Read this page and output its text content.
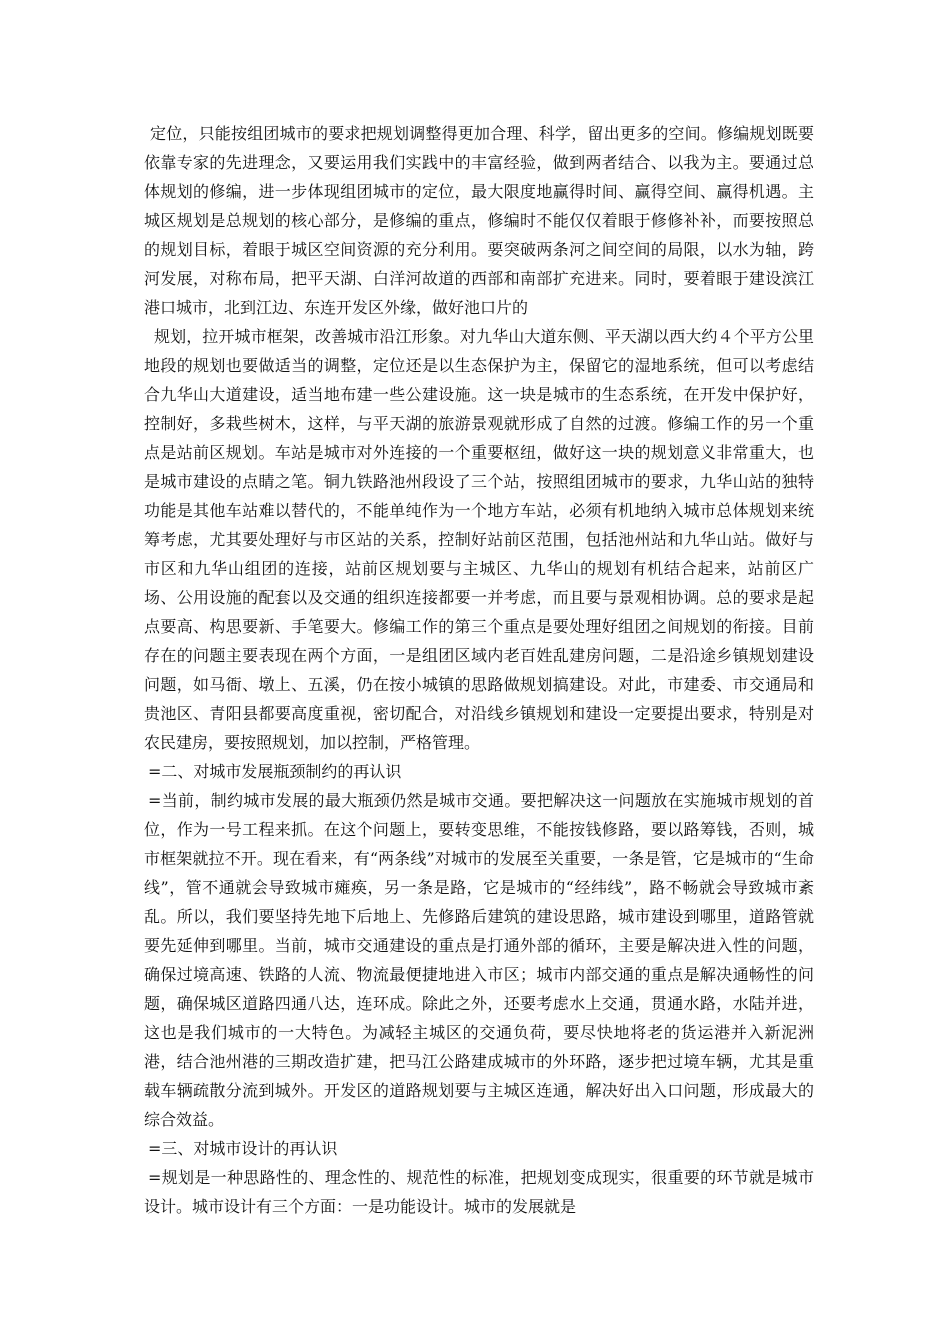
定位，只能按组团城市的要求把规划调整得更加合理、科学，留出更多的空间。修编规划既要依靠专家的先进理念，又要运用我们实践中的丰富经验，做到两者结合、以我为主。要通过总体规划的修编，进一步体现组团城市的定位，最大限度地赢得时间、赢得空间、赢得机遇。主城区规划是总规划的核心部分，是修编的重点，修编时不能仅仅着眼于修修补补，而要按照总的规划目标，着眼于城区空间资源的充分利用。要突破两条河之间空间的局限，以水为轴，跨河发展，对称布局，把平天湖、白洋河故道的西部和南部扩充进来。同时，要着眼于建设滨江港口城市，北到江边、东连开发区外缘，做好池口片的

规划，拉开城市框架，改善城市沿江形象。对九华山大道东侧、平天湖以西大约４个平方公里地段的规划也要做适当的调整，定位还是以生态保护为主，保留它的湿地系统，但可以考虑结合九华山大道建设，适当地布建一些公建设施。这一块是城市的生态系统，在开发中保护好，控制好，多栽些树木，这样，与平天湖的旅游景观就形成了自然的过渡。修编工作的另一个重点是站前区规划。车站是城市对外连接的一个重要枢纽，做好这一块的规划意义非常重大，也是城市建设的点睛之笔。铜九铁路池州段设了三个站，按照组团城市的要求，九华山站的独特功能是其他车站难以替代的，不能单纯作为一个地方车站，必须有机地纳入城市总体规划来统筹考虑，尤其要处理好与市区站的关系，控制好站前区范围，包括池州站和九华山站。做好与市区和九华山组团的连接，站前区规划要与主城区、九华山的规划有机结合起来，站前区广场、公用设施的配套以及交通的组织连接都要一并考虑，而且要与景观相协调。总的要求是起点要高、构思要新、手笔要大。修编工作的第三个重点是要处理好组团之间规划的衔接。目前存在的问题主要表现在两个方面，一是组团区域内老百姓乱建房问题，二是沿途乡镇规划建设问题，如马衙、墩上、五溪，仍在按小城镇的思路做规划搞建设。对此，市建委、市交通局和贵池区、青阳县都要高度重视，密切配合，对沿线乡镇规划和建设一定要提出要求，特别是对农民建房，要按照规划，加以控制，严格管理。

=二、对城市发展瓶颈制约的再认识

=当前，制约城市发展的最大瓶颈仍然是城市交通。要把解决这一问题放在实施城市规划的首位，作为一号工程来抓。在这个问题上，要转变思维，不能按钱修路，要以路筹钱，否则，城市框架就拉不开。现在看来，有“两条线”对城市的发展至关重要，一条是管，它是城市的“生命线”，管不通就会导致城市瘫痪，另一条是路，它是城市的“经纬线”，路不畅就会导致城市紊乱。所以，我们要坚持先地下后地上、先修路后建筑的建设思路，城市建设到哪里，道路管就要先延伸到哪里。当前，城市交通建设的重点是打通外部的循环，主要是解决进入性的问题，确保过境高速、铁路的人流、物流最便捷地进入市区；城市内部交通的重点是解决通畅性的问题，确保城区道路四通八达，连环成。除此之外，还要考虑水上交通，贯通水路，水陆并进，这也是我们城市的一大特色。为减轻主城区的交通负荷，要尽快地将老的货运港并入新泥洲港，结合池州港的三期改造扩建，把马江公路建成城市的外环路，逐步把过境车辆，尤其是重载车辆疏散分流到城外。开发区的道路规划要与主城区连通，解决好出入口问题，形成最大的综合效益。

=三、对城市设计的再认识

=规划是一种思路性的、理念性的、规范性的标准，把规划变成现实，很重要的环节就是城市设计。城市设计有三个方面：一是功能设计。城市的发展就是
